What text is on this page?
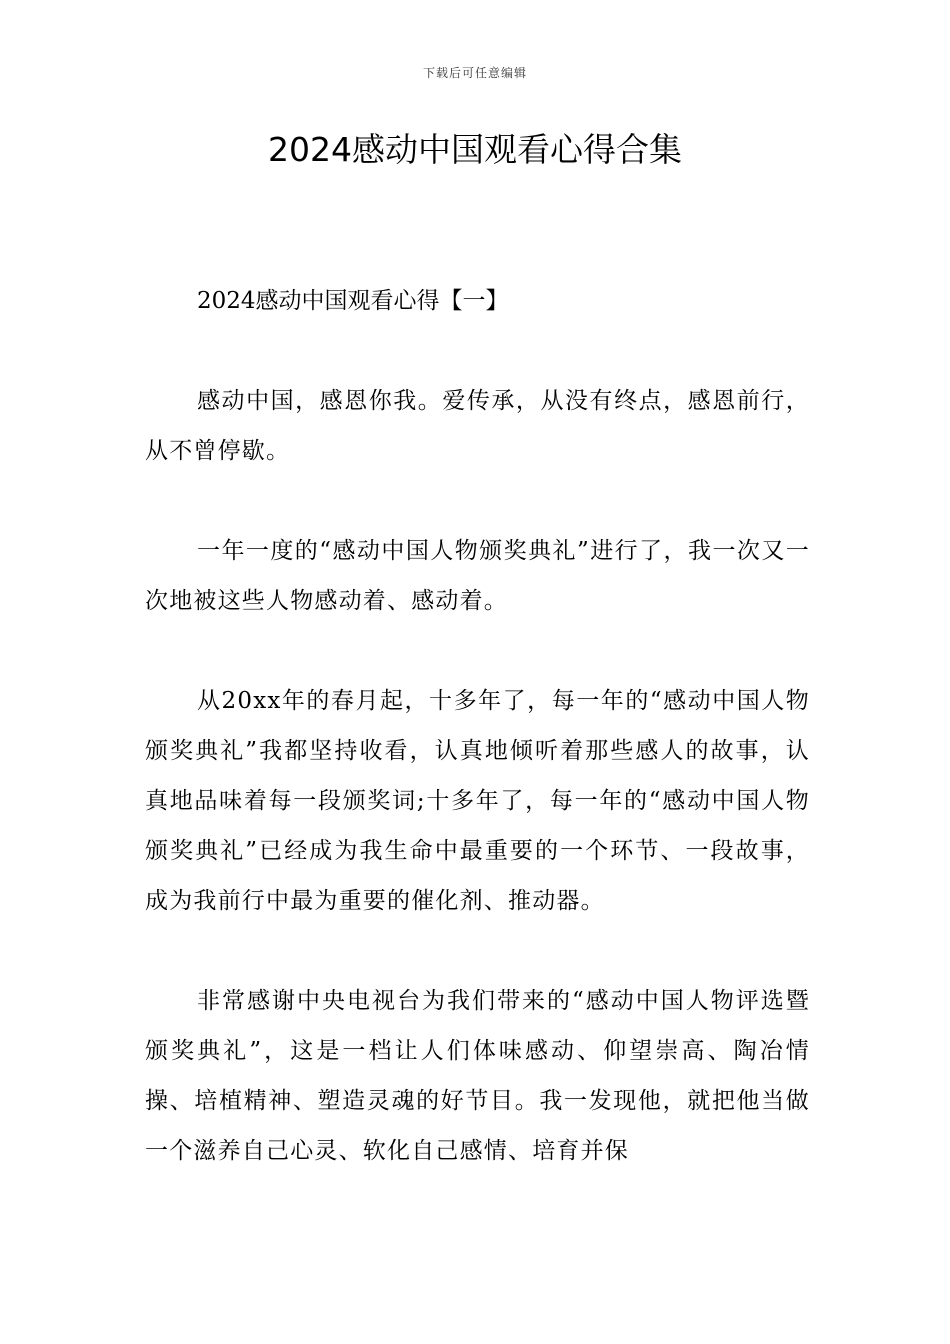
下载后可任意编辑
2024感动中国观看心得合集

2024感动中国观看心得【一】

感动中国，感恩你我。爱传承，从没有终点，感恩前行，从不曾停歇。

一年一度的“感动中国人物颁奖典礼”进行了，我一次又一次地被这些人物感动着、感动着。

从20xx年的春月起，十多年了，每一年的“感动中国人物颁奖典礼”我都坚持收看，认真地倾听着那些感人的故事，认真地品味着每一段颁奖词;十多年了，每一年的“感动中国人物颁奖典礼”已经成为我生命中最重要的一个环节、一段故事，成为我前行中最为重要的催化剂、推动器。

非常感谢中央电视台为我们带来的“感动中国人物评选暨颁奖典礼”，这是一档让人们体味感动、仰望崇高、陶冶情操、培植精神、塑造灵魂的好节目。我一发现他，就把他当做一个滋养自己心灵、软化自己感情、培育并保
